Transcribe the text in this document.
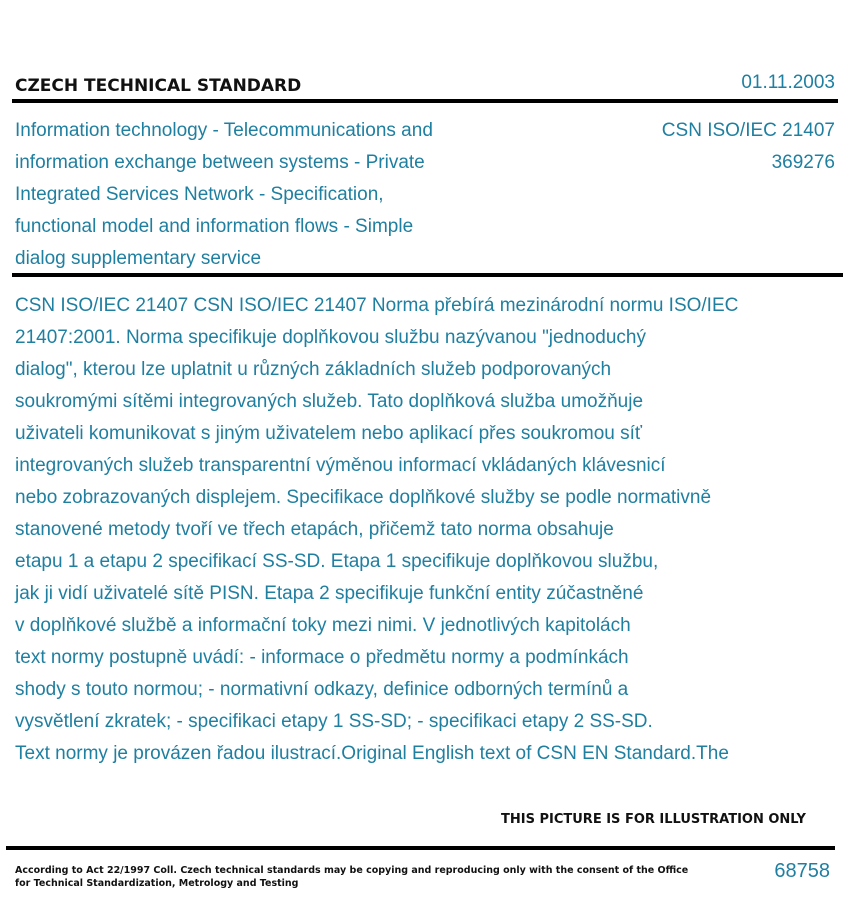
CZECH TECHNICAL STANDARD	01.11.2003
Information technology - Telecommunications and
information exchange between systems - Private
Integrated Services Network - Specification,
functional model and information flows - Simple
dialog supplementary service
CSN ISO/IEC 21407
369276
CSN ISO/IEC 21407 CSN ISO/IEC 21407 Norma přebírá mezinárodní normu ISO/IEC
21407:2001. Norma specifikuje doplňkovou službu nazývanou "jednoduchý
dialog", kterou lze uplatnit u různých základních služeb podporovaných
soukromými sítěmi integrovaných služeb. Tato doplňková služba umožňuje
uživateli komunikovat s jiným uživatelem nebo aplikací přes soukromou síť
integrovaných služeb transparentní výměnou informací vkládaných klávesnicí
nebo zobrazovaných displejem. Specifikace doplňkové služby se podle normativně
stanovené metody tvoří ve třech etapách, přičemž tato norma obsahuje
etapu 1 a etapu 2 specifikací SS-SD. Etapa 1 specifikuje doplňkovou službu,
jak ji vidí uživatelé sítě PISN. Etapa 2 specifikuje funkční entity zúčastněné
v doplňkové službě a informační toky mezi nimi. V jednotlivých kapitolách
text normy postupně uvádí: - informace o předmětu normy a podmínkách
shody s touto normou; - normativní odkazy, definice odborných termínů a
vysvětlení zkratek; - specifikaci etapy 1 SS-SD; - specifikaci etapy 2 SS-SD.
Text normy je provázen řadou ilustrací.Original English text of CSN EN Standard.The
THIS PICTURE IS FOR ILLUSTRATION ONLY
According to Act 22/1997 Coll. Czech technical standards may be copying and reproducing only with the consent of the Office
for Technical Standardization, Metrology and Testing
68758
